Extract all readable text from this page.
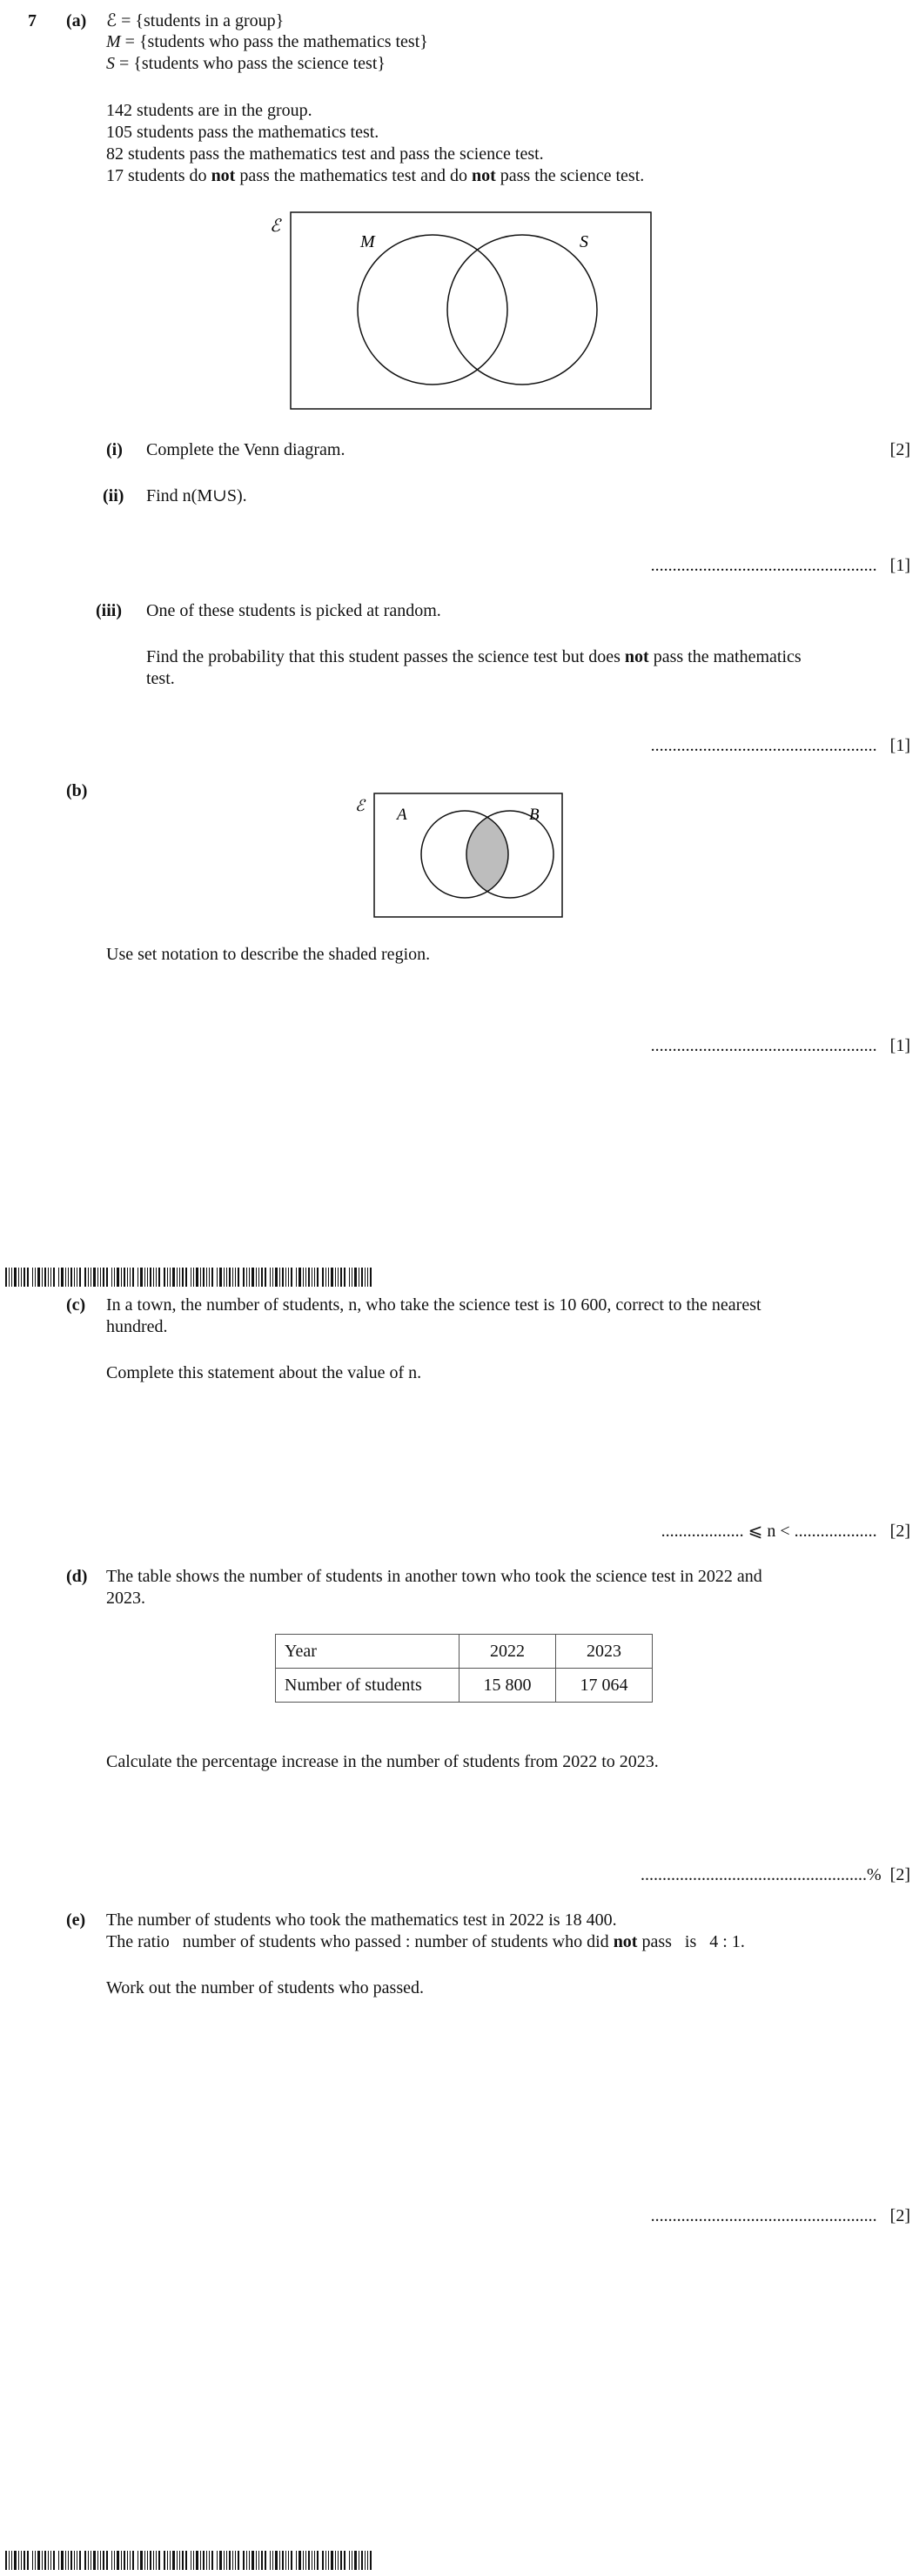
7 (a) ℰ = {students in a group}
M = {students who pass the mathematics test}
S = {students who pass the science test}
142 students are in the group.
105 students pass the mathematics test.
82 students pass the mathematics test and pass the science test.
17 students do not pass the mathematics test and do not pass the science test.
ℰ
M	S
(i) Complete the Venn diagram.	[2]
(ii) Find n(M∪S).
.................................................... [1]
(iii) One of these students is picked at random.
Find the probability that this student passes the science test but does not pass the mathematics
test.
.................................................... [1]
(b)
ℰ A	B
Use set notation to describe the shaded region.
.................................................... [1]
(c) In a town, the number of students, n, who take the science test is 10 600, correct to the nearest
hundred.
Complete this statement about the value of n.
................... ⩽ n < ................... [2]
(d) The table shows the number of students in another town who took the science test in 2022 and
2023.
Year	2022	2023
Number of students	15 800	17 064
Calculate the percentage increase in the number of students from 2022 to 2023.
....................................................% [2]
(e) The number of students who took the mathematics test in 2022 is 18 400.
The ratio   number of students who passed : number of students who did not pass   is   4 : 1.
Work out the number of students who passed.
.................................................... [2]
